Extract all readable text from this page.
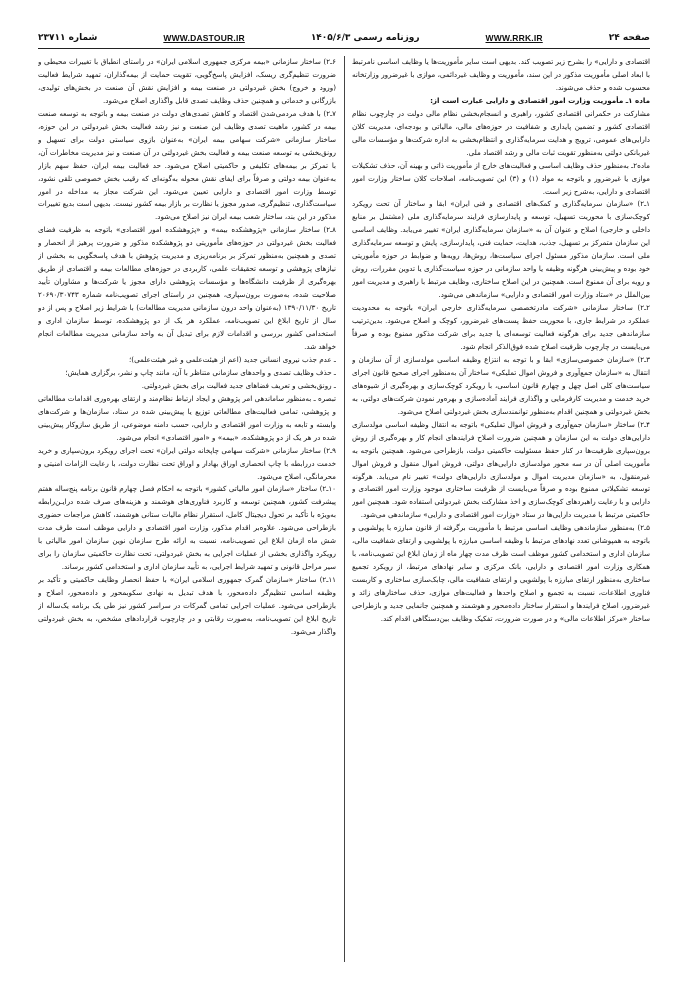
صفحه ۲۴
WWW.RRK.IR
روزنامه رسمی ۱۴۰۵/۶/۳
WWW.DASTOUR.IR
شماره ۲۳۷۱۱

اقتصادی و دارایی» را بشرح زیر تصویب کند. بدیهی است سایر مأموریت‌ها یا وظایف اساسی نامرتبط با ابعاد اصلی مأموریت مذکور در این سند، مأموریت و وظایف غیردائمی، موازی با غیرضرور وزارتخانه محسوب شده و حذف می‌شوند.

ماده ۱ـ مأموریت وزارت امور اقتصادی و دارایی عبارت است از:

مشارکت در حکمرانی اقتصادی کشور، راهبری و انسجام‌بخشی نظام مالی دولت در چارچوب نظام اقتصادی کشور و تضمین پایداری و شفافیت در حوزه‌های مالی، مالیاتی و بودجه‌ای، مدیریت کلان دارایی‌های عمومی، ترویج و هدایت سرمایه‌گذاری و انتظام‌بخشی به اداره شرکت‌ها و مؤسسات مالی غیربانکی دولتی به‌منظور تقویت ثبات مالی و رشد اقتصاد ملی.

ماده۲ـ به‌منظور حذف وظایف اساسی و فعالیت‌های خارج از مأموریت ذاتی و بهینه آن، حذف تشکیلات موازی یا غیرضرور و باتوجه به مواد (۱) و (۳) این تصویب‌نامه، اصلاحات کلان ساختار وزارت امور اقتصادی و دارایی، به‌شرح زیر است.

۱ـ۲) «سازمان سرمایه‌گذاری و کمک‌های اقتصادی و فنی ایران» ابقا و ساختار آن تحت رویکرد کوچک‌سازی با محوریت تسهیل، توسعه و پایدارسازی فرایند سرمایه‌گذاری ملی (مشتمل بر منابع داخلی و خارجی) اصلاح و عنوان آن به «سازمان سرمایه‌گذاری ایران» تغییر می‌یابد. وظایف اساسی این سازمان متمرکز بر تسهیل، جذب، هدایت، حمایت فنی، پایدارسازی، پایش و توسعه سرمایه‌گذاری ملی است. سازمان مذکور مسئول اجرای سیاست‌ها، روش‌ها، رویه‌ها و ضوابط در حوزه مأموریتی خود بوده و پیش‌بینی هرگونه وظیفه یا واحد سازمانی در حوزه سیاست‌گذاری یا تدوین مقررات، روش و رویه برای آن ممنوع است. همچنین در این اصلاح ساختاری، وظایف مرتبط با راهبری و مدیریت امور بین‌الملل در «ستاد وزارت امور اقتصادی و دارایی» سازماندهی می‌شود.

۲ـ۲) ساختار سازمانی «شرکت مادرتخصصی سرمایه‌گذاری خارجی ایران» باتوجه به محدودیت عملکرد در شرایط جاری، با محوریت حفظ پست‌های غیرضرور، کوچک و اصلاح می‌شود. بدین‌ترتیب سازماندهی جدید برای هرگونه فعالیت توسعه‌ای یا جدید برای شرکت مذکور ممنوع بوده و صرفاً می‌بایست در چارچوب ظرفیت اصلاح شده فوق‌الذکر انجام شود.

۳ـ۲) «سازمان خصوصی‌سازی» ابقا و با توجه به انتزاع وظیفه اساسی مولدسازی از آن سازمان و انتقال به «سازمان جمع‌آوری و فروش اموال تملیکی» ساختار آن به‌منظور اجرای صحیح قانون اجرای سیاست‌های کلی اصل چهل و چهارم قانون اساسی، با رویکرد کوچک‌سازی و بهره‌گیری از شیوه‌های خرید خدمت و مدیریت کارفرمایی و واگذاری فرایند آماده‌سازی و بهره‌ور نمودن شرکت‌های دولتی، به بخش غیردولتی و همچنین اقدام به‌منظور توانمندسازی بخش غیردولتی اصلاح می‌شود.

۴ـ۲) ساختار «سازمان جمع‌آوری و فروش اموال تملیکی» باتوجه به انتقال وظیفه اساسی مولدسازی دارایی‌های دولت به این سازمان و همچنین ضرورت اصلاح فرایندهای انجام کار و بهره‌گیری از روش برون‌سپاری ظرفیت‌ها در کنار حفظ مسئولیت حاکمیتی دولت، بازطراحی می‌شود. همچنین باتوجه به مأموریت اصلی آن در سه محور مولدسازی دارایی‌های دولتی، فروش اموال منقول و فروش اموال غیرمنقول، به «سازمان مدیریت اموال و مولدسازی دارایی‌های دولت» تغییر نام می‌یابد. هرگونه توسعه تشکیلاتی ممنوع بوده و صرفاً می‌بایست از ظرفیت ساختاری موجود وزارت امور اقتصادی و دارایی و با رعایت راهبردهای کوچک‌سازی و اخذ مشارکت بخش غیردولتی استفاده شود. همچنین امور حاکمیتی مرتبط با مدیریت دارایی‌ها در ستاد «وزارت امور اقتصادی و دارایی» سازماندهی می‌شود.

۵ـ۲) به‌منظور سازماندهی وظایف اساسی مرتبط با مأموریت برگرفته از قانون مبارزه با پولشویی و باتوجه به همپوشانی تعدد نهادهای مرتبط با وظیفه اساسی مبارزه با پولشویی و ارتقای شفافیت مالی، سازمان اداری و استخدامی کشور موظف است ظرف مدت چهار ماه از زمان ابلاغ این تصویب‌نامه، با همکاری وزارت امور اقتصادی و دارایی، بانک مرکزی و سایر نهادهای مرتبط، از رویکرد تجمیع ساختاری به‌منظور ارتقای مبارزه با پولشویی و ارتقای شفافیت مالی، چابک‌سازی ساختاری و کاربست فناوری اطلاعات، نسبت به تجمیع و اصلاح واحدها و فعالیت‌های موازی، حذف ساختارهای زائد و غیرضرور، اصلاح فرایندها و استقرار ساختار داده‌محور و هوشمند و همچنین جانمایی جدید و بازطراحی ساختار «مرکز اطلاعات مالی» و در صورت ضرورت، تفکیک وظایف بین‌دستگاهی اقدام کند.

۶ـ۲) ساختار سازمانی «بیمه مرکزی جمهوری اسلامی ایران» در راستای انطباق با تغییرات محیطی و ضرورت تنظیم‌گری ریسک، افزایش پاسخ‌گویی، تقویت حمایت از بیمه‌گذاران، تمهید شرایط فعالیت (ورود و خروج) بخش غیردولتی در صنعت بیمه و افزایش نقش آن صنعت در بخش‌های تولیدی، بازرگانی و خدماتی و همچنین حذف وظایف تصدی قابل واگذاری اصلاح می‌شود.

۷ـ۲) با هدف مردمی‌شدن اقتصاد و کاهش تصدی‌های دولت در صنعت بیمه و باتوجه به توسعه صنعت بیمه در کشور، ماهیت تصدی وظایف این صنعت و نیز رشد فعالیت بخش غیردولتی در این حوزه، ساختار سازمانی «شرکت سهامی بیمه ایران» به‌عنوان بازوی سیاستی دولت برای تسهیل و رونق‌بخشی به توسعه صنعت بیمه و فعالیت بخش غیردولتی در آن صنعت و نیز مدیریت مخاطرات آن، با تمرکز بر بیمه‌های تکلیفی و حاکمیتی اصلاح می‌شود. حد فعالیت بیمه ایران، حفظ سهم بازار به‌عنوان بیمه دولتی و صرفاً برای ایفای نقش محوله به‌گونه‌ای که رقیب بخش خصوصی تلقی نشود، توسط وزارت امور اقتصادی و دارایی تعیین می‌شود. این شرکت مجاز به مداخله در امور سیاست‌گذاری، تنظیم‌گری، صدور مجوز یا نظارت بر بازار بیمه کشور نیست. بدیهی است بدیع تغییرات مذکور در این بند، ساختار شعب بیمه ایران نیز اصلاح می‌شود.

۸ـ۲) ساختار سازمانی «پژوهشکده بیمه» و «پژوهشکده امور اقتصادی» باتوجه به ظرفیت فضای فعالیت بخش غیردولتی در حوزه‌های مأموریتی دو پژوهشکده مذکور و ضرورت پرهیز از انحصار و تصدی و همچنین به‌منظور تمرکز بر برنامه‌ریزی و مدیریت پژوهش با هدف پاسخگویی به بخشی از نیازهای پژوهشی و توسعه تحقیقات علمی، کاربردی در حوزه‌های مطالعات بیمه و اقتصادی از طریق بهره‌گیری از ظرفیت دانشگاه‌ها و مؤسسات پژوهشی دارای مجوز یا شرکت‌ها و مشاوران تأیید صلاحیت شده، به‌صورت برون‌سپاری، همچنین در راستای اجرای تصویب‌نامه شماره ۲۰۶۹۰/۳۰۷۴۳ تاریخ ۱۳۹۰/۱۱/۳۰ (به‌عنوان واحد درون سازمانی مدیریت مطالعات) با شرایط زیر اصلاح و پس از دو سال از تاریخ ابلاغ این تصویب‌نامه، عملکرد هر یک از دو پژوهشکده، توسط سازمان اداری و استخدامی کشور بررسی و اقدامات لازم برای تبدیل آن به واحد سازمانی مدیریت مطالعات انجام خواهد شد.

ـ عدم جذب نیروی انسانی جدید (اعم از هیئت‌علمی و غیر هیئت‌علمی)؛

ـ حذف وظایف تصدی و واحدهای سازمانی متناظر با آن، مانند چاپ و نشر، برگزاری همایش؛

ـ رونق‌بخشی و تعریف فضاهای جدید فعالیت برای بخش غیردولتی.

تبصره ـ به‌منظور ساماندهی امر پژوهش و ایجاد ارتباط نظام‌مند و ارتقای بهره‌وری اقدامات مطالعاتی و پژوهشی، تمامی فعالیت‌های مطالعاتی توزیع یا پیش‌بینی شده در ستاد، سازمان‌ها و شرکت‌های وابسته و تابعه به وزارت امور اقتصادی و دارایی، حسب دامنه موضوعی، از طریق سازوکار پیش‌بینی شده در هر یک از دو پژوهشکده، «بیمه» و «امور اقتصادی» انجام می‌شود.

۹ـ۲) ساختار سازمانی «شرکت سهامی چاپخانه دولتی ایران» تحت اجرای رویکرد برون‌سپاری و خرید خدمت دررابطه با چاپ انحصاری اوراق بهادار و اوراق تحت نظارت دولت، با رعایت الزامات امنیتی و محرمانگی، اصلاح می‌شود.

۱۰ـ۲) ساختار «سازمان امور مالیاتی کشور» باتوجه به احکام فصل چهارم قانون برنامه پنج‌ساله هفتم پیشرفت کشور، همچنین توسعه و کاربرد فناوری‌های هوشمند و هزینه‌های صرف شده درایـن‌رابطه به‌ویژه با تأکید بر تحول دیجیتال کامل، استقرار نظام مالیات ستانی هوشمند، کاهش مراجعات حضوری بازطراحی می‌شود. علاوه‌بر اقدام مذکور، وزارت امور اقتصادی و دارایی موظف است طرف مدت شش ماه ازمان ابلاغ این تصویب‌نامه، نسبت به ارائه طرح سازمان نوین سازمان امور مالیاتی با رویکرد واگذاری بخشی از عملیات اجرایی به بخش غیردولتی، تحت نظارت حاکمیتی سازمان را برای سیر مراحل قانونی و تمهید شرایط اجرایی، به تأیید سازمان اداری و استخدامی کشور برساند.

۱۱ـ۲) ساختار «سازمان گمرک جمهوری اسلامی ایران» با حفظ انحصار وظایف حاکمیتی و تأکید بر وظیفه اساسی تنظیم‌گر داده‌محور، با هدف تبدیل به نهادی سکوبمحور و داده‌محور، اصلاح و بازطراحی می‌شود. عملیات اجرایی تمامی گمرکات در سراسر کشور نیز طی یک برنامه یک‌ساله از تاریخ ابلاغ این تصویب‌نامه، به‌صورت رقابتی و در چارچوب قراردادهای مشخص، به بخش غیردولتی واگذار می‌شود.
